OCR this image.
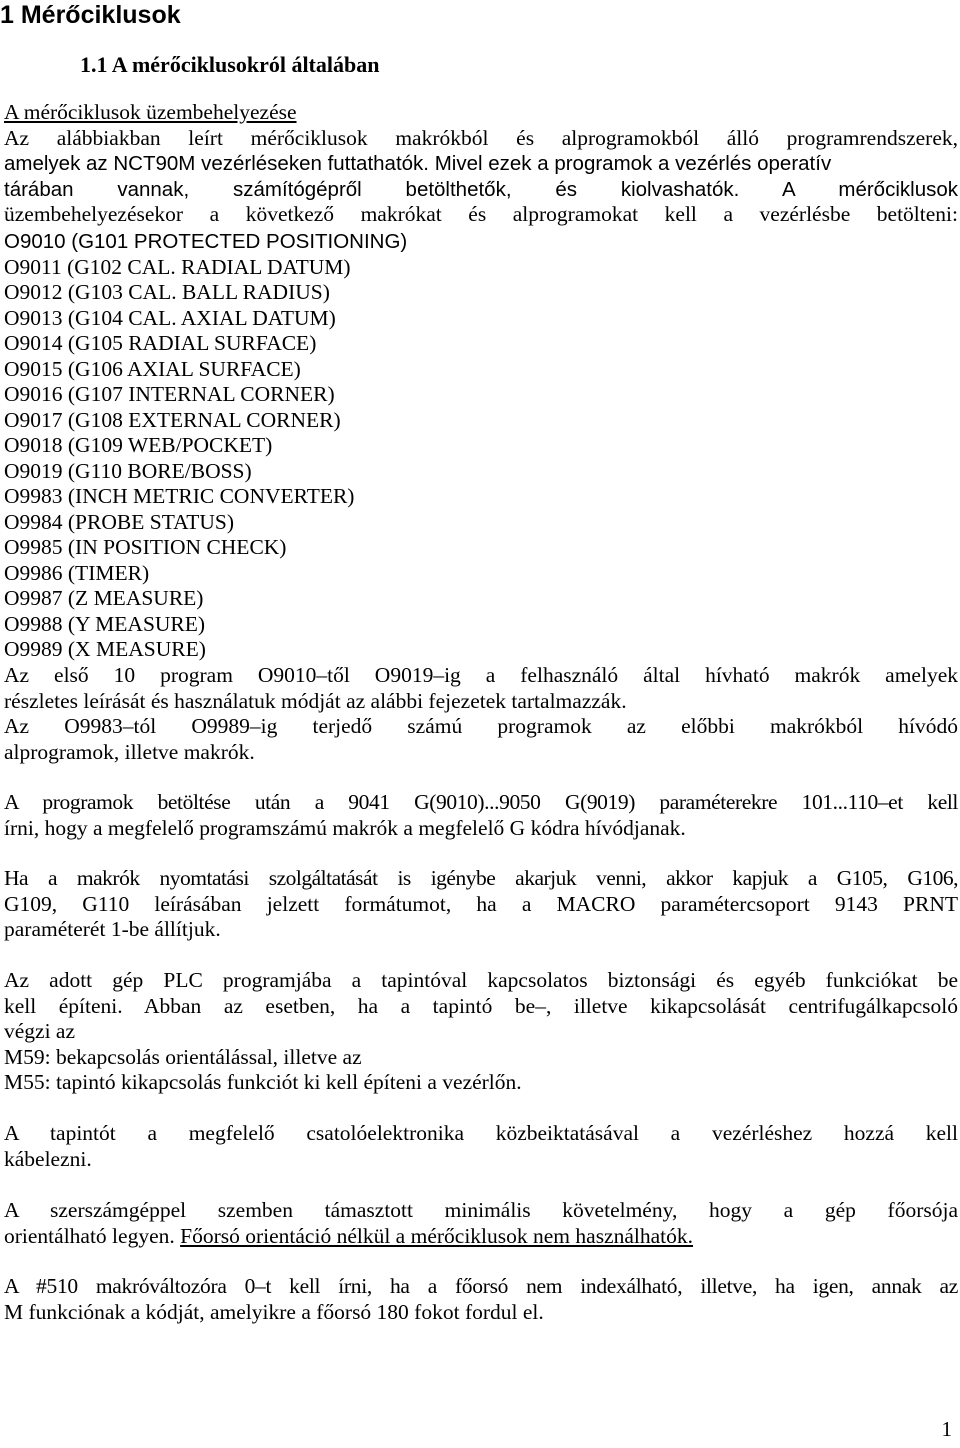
1 Mérőciklusok
1.1 A mérőciklusokról általában
A mérőciklusok üzembehelyezése
Az alábbiakban leírt mérőciklusok makrókból és alprogramokból álló programrendszerek,
amelyek az NCT90M vezérléseken futtathatók. Mivel ezek a programok a vezérlés operatív
tárában vannak, számítógépről betölthetők, és kiolvashatók. A mérőciklusok
üzembehelyezésekor a következő makrókat és alprogramokat kell a vezérlésbe betölteni:
O9010 (G101 PROTECTED POSITIONING)
O9011 (G102 CAL. RADIAL DATUM)
O9012 (G103 CAL. BALL RADIUS)
O9013 (G104 CAL. AXIAL DATUM)
O9014 (G105 RADIAL SURFACE)
O9015 (G106 AXIAL SURFACE)
O9016 (G107 INTERNAL CORNER)
O9017 (G108 EXTERNAL CORNER)
O9018 (G109 WEB/POCKET)
O9019 (G110 BORE/BOSS)
O9983 (INCH METRIC CONVERTER)
O9984 (PROBE STATUS)
O9985 (IN POSITION CHECK)
O9986 (TIMER)
O9987 (Z MEASURE)
O9988 (Y MEASURE)
O9989 (X MEASURE)
Az első 10 program O9010–től O9019–ig a felhasználó által hívható makrók amelyek
részletes leírását és használatuk módját az alábbi fejezetek tartalmazzák.
Az O9983–tól O9989–ig terjedő számú programok az előbbi makrókból hívódó
alprogramok, illetve makrók.
A programok betöltése után a 9041 G(9010)...9050 G(9019) paraméterekre 101...110–et kell
írni, hogy a megfelelő programszámú makrók a megfelelő G kódra hívódjanak.
Ha a makrók nyomtatási szolgáltatását is igénybe akarjuk venni, akkor kapjuk a G105, G106,
G109, G110 leírásában jelzett formátumot, ha a MACRO paramétercsoport 9143 PRNT
paraméterét 1-be állítjuk.
Az adott gép PLC programjába a tapintóval kapcsolatos biztonsági és egyéb funkciókat be
kell építeni. Abban az esetben, ha a tapintó be–, illetve kikapcsolását centrifugálkapcsoló
végzi az
M59: bekapcsolás orientálással, illetve az
M55: tapintó kikapcsolás funkciót ki kell építeni a vezérlőn.
A tapintót a megfelelő csatolóelektronika közbeiktatásával a vezérléshez hozzá kell
kábelezni.
A szerszámgéppel szemben támasztott minimális követelmény, hogy a gép főorsója
orientálható legyen. Főorsó orientáció nélkül a mérőciklusok nem használhatók.
A #510 makróváltozóra 0–t kell írni, ha a főorsó nem indexálható, illetve, ha igen, annak az
M funkciónak a kódját, amelyikre a főorsó 180 fokot fordul el.
1
